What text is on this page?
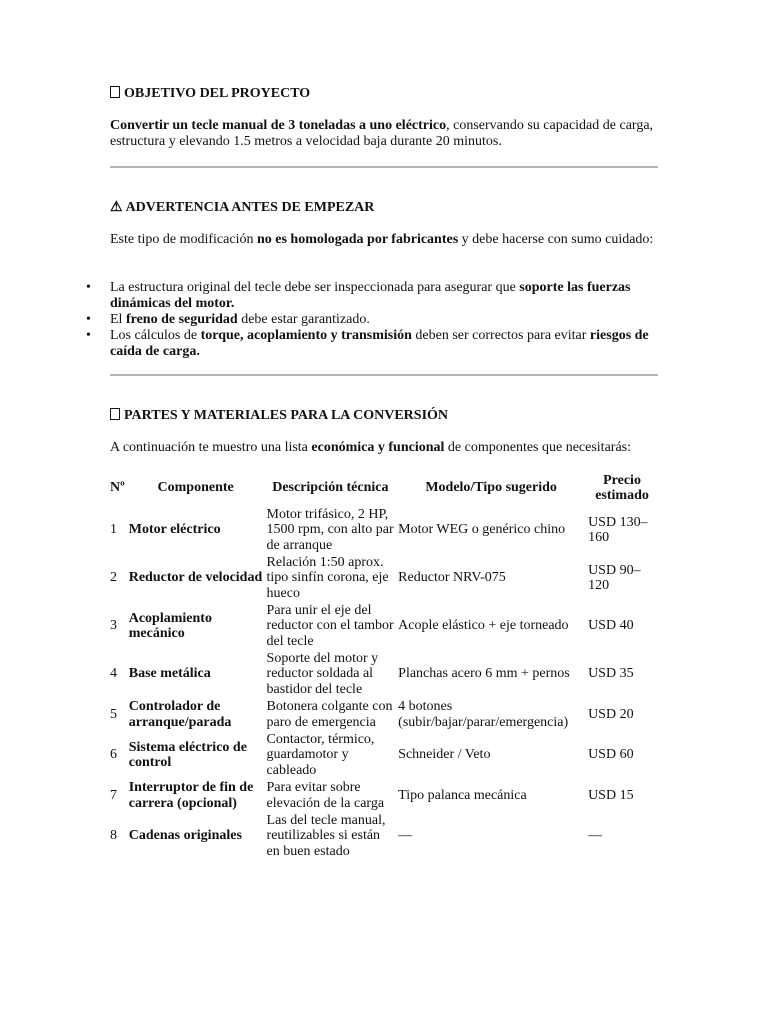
OBJETIVO DEL PROYECTO

Convertir un tecle manual de 3 toneladas a uno eléctrico, conservando su capacidad de carga, estructura y elevando 1.5 metros a velocidad baja durante 20 minutos.

⚠ ADVERTENCIA ANTES DE EMPEZAR

Este tipo de modificación no es homologada por fabricantes y debe hacerse con sumo cuidado:

• La estructura original del tecle debe ser inspeccionada para asegurar que soporte las fuerzas dinámicas del motor.
• El freno de seguridad debe estar garantizado.
• Los cálculos de torque, acoplamiento y transmisión deben ser correctos para evitar riesgos de caída de carga.
PARTES Y MATERIALES PARA LA CONVERSIÓN

A continuación te muestro una lista económica y funcional de componentes que necesitarás:

Nº	Componente	Descripción técnica	Modelo/Tipo sugerido	Precio estimado
1	Motor eléctrico	Motor trifásico, 2 HP, 1500 rpm, con alto par de arranque	Motor WEG o genérico chino	USD 130–160
2	Reductor de velocidad	Relación 1:50 aprox. tipo sinfín corona, eje hueco	Reductor NRV-075	USD 90–120
3	Acoplamiento mecánico	Para unir el eje del reductor con el tambor del tecle	Acople elástico + eje torneado	USD 40
4	Base metálica	Soporte del motor y reductor soldada al bastidor del tecle	Planchas acero 6 mm + pernos	USD 35
5	Controlador de arranque/parada	Botonera colgante con paro de emergencia	4 botones (subir/bajar/parar/emergencia)	USD 20
6	Sistema eléctrico de control	Contactor, térmico, guardamotor y cableado	Schneider / Veto	USD 60
7	Interruptor de fin de carrera (opcional)	Para evitar sobre elevación de la carga	Tipo palanca mecánica	USD 15
8	Cadenas originales	Las del tecle manual, reutilizables si están en buen estado	—	—
